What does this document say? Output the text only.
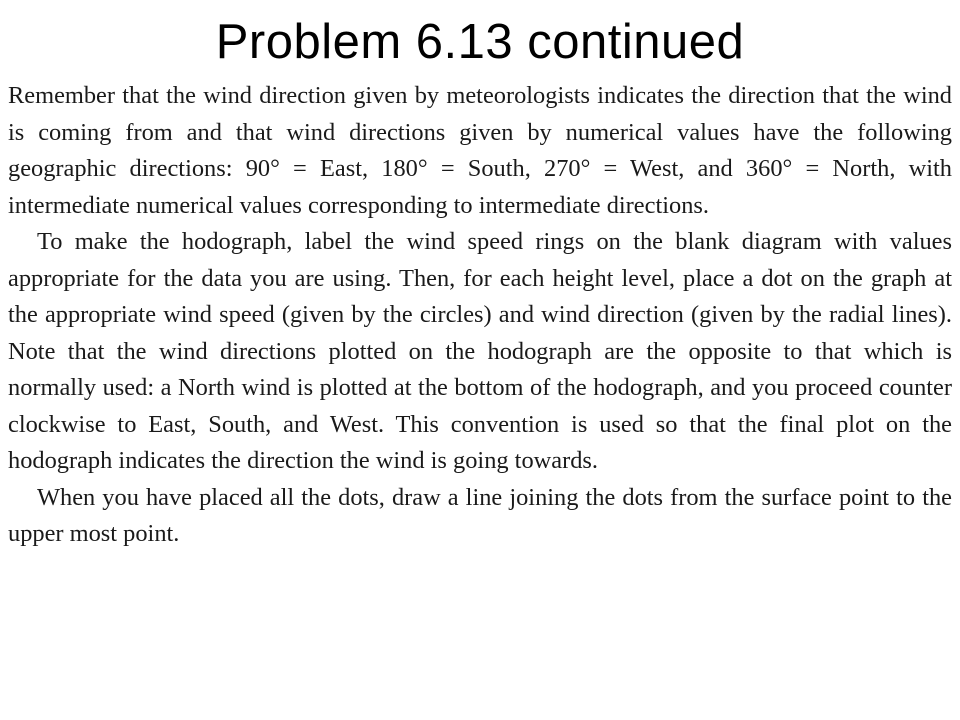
Problem 6.13 continued

Remember that the wind direction given by meteorologists indicates the direction that the wind is coming from and that wind directions given by numerical values have the following geographic directions: 90° = East, 180° = South, 270° = West, and 360° = North, with intermediate numerical values corresponding to intermediate directions.

To make the hodograph, label the wind speed rings on the blank diagram with values appropriate for the data you are using. Then, for each height level, place a dot on the graph at the appropriate wind speed (given by the circles) and wind direction (given by the radial lines). Note that the wind directions plotted on the hodograph are the opposite to that which is normally used: a North wind is plotted at the bottom of the hodograph, and you proceed counter clockwise to East, South, and West. This convention is used so that the final plot on the hodograph indicates the direction the wind is going towards.

When you have placed all the dots, draw a line joining the dots from the surface point to the upper most point.
